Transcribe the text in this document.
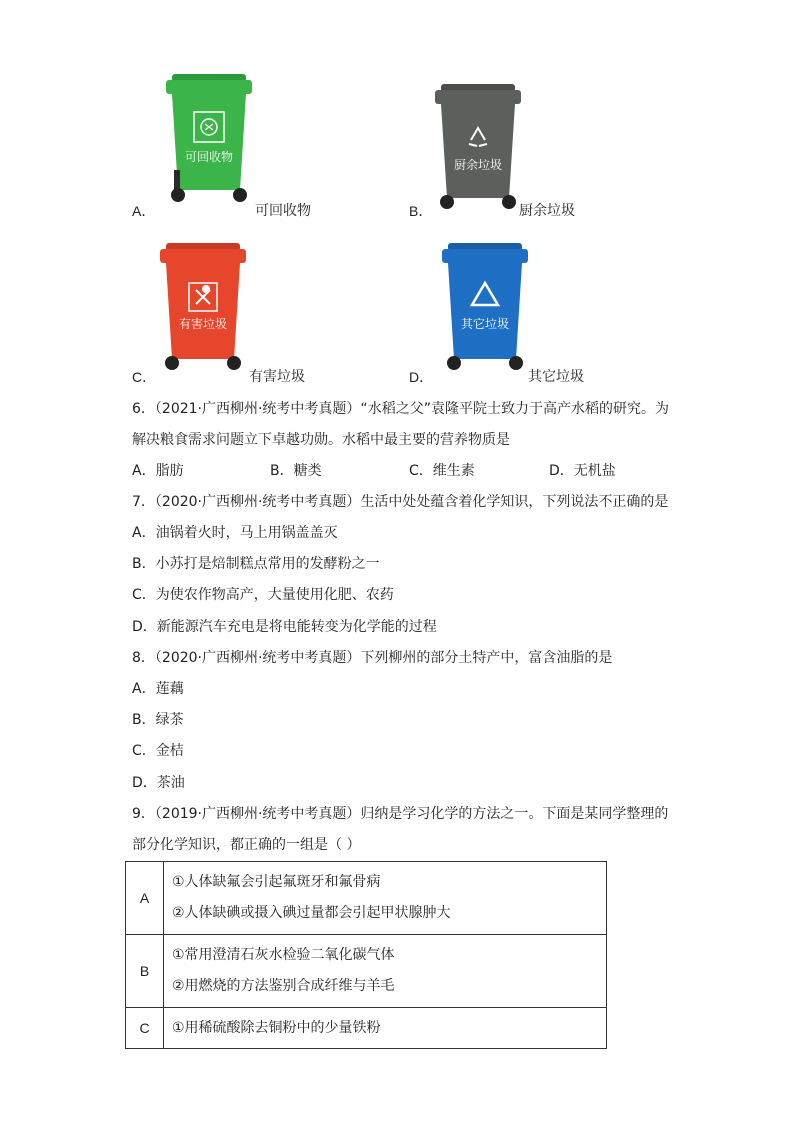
可回收物
厨余垃圾
A．	可回收物	B．	厨余垃圾
有害垃圾	其它垃圾
C．	有害垃圾	D．	其它垃圾
6．（2021·广西柳州·统考中考真题）“水稻之父”袁隆平院士致力于高产水稻的研究。为
解决粮食需求问题立下卓越功勋。水稻中最主要的营养物质是
A．脂肪	B．糖类	C．维生素	D．无机盐
7．（2020·广西柳州·统考中考真题）生活中处处蕴含着化学知识，下列说法不正确的是
A．油锅着火时，马上用锅盖盖灭
B．小苏打是焙制糕点常用的发酵粉之一
C．为使农作物高产，大量使用化肥、农药
D．新能源汽车充电是将电能转变为化学能的过程
8．（2020·广西柳州·统考中考真题）下列柳州的部分土特产中，富含油脂的是
A．莲藕
B．绿茶
C．金桔
D．茶油
9．（2019·广西柳州·统考中考真题）归纳是学习化学的方法之一。下面是某同学整理的
部分化学知识，都正确的一组是（ ）
A	①人体缺氟会引起氟斑牙和氟骨病
②人体缺碘或摄入碘过量都会引起甲状腺肿大

B	①常用澄清石灰水检验二氧化碳气体
②用燃烧的方法鉴别合成纤维与羊毛

C	①用稀硫酸除去铜粉中的少量铁粉
